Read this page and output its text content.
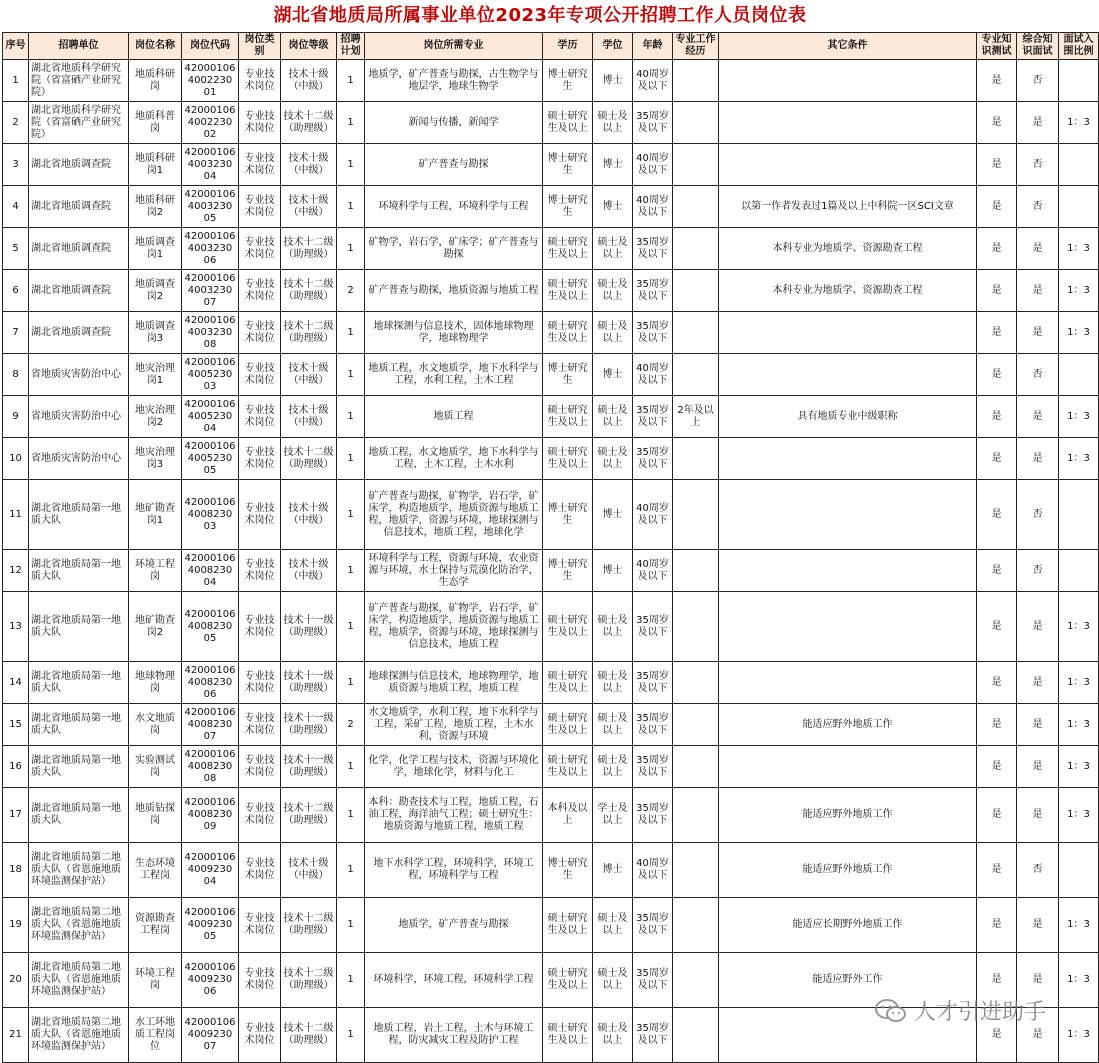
湖北省地质局所属事业单位2023年专项公开招聘工作人员岗位表
序号	招聘单位	岗位名称	岗位代码	岗位类别	岗位等级	招聘计划	岗位所需专业	学历	学位	年龄	专业工作经历	其它条件	专业知识测试	综合知识面试	面试入围比例
1	湖北省地质科学研究院（省富硒产业研究院）	地质科研岗	420001064002230 01	专业技术岗位	技术十级（中级）	1	地质学，矿产普查与勘探，古生物学与地层学，地球生物学	博士研究生	博士	40周岁及以下			是	否	
2	湖北省地质科学研究院（省富硒产业研究院）	地质科普岗	420001064002230 02	专业技术岗位	技术十二级（助理级）	1	新闻与传播，新闻学	硕士研究生及以上	硕士及以上	35周岁及以下			是	是	1：3
3	湖北省地质调查院	地质科研岗1	420001064003230 04	专业技术岗位	技术十级（中级）	1	矿产普查与勘探	博士研究生	博士	40周岁及以下			是	否	
4	湖北省地质调查院	地质科研岗2	420001064003230 05	专业技术岗位	技术十级（中级）	1	环境科学与工程，环境科学与工程	博士研究生	博士	40周岁及以下		以第一作者发表过1篇及以上中科院一区SCI文章	是	否	
5	湖北省地质调查院	地质调查岗1	420001064003230 06	专业技术岗位	技术十二级（助理级）	1	矿物学，岩石学，矿床学；矿产普查与勘探	硕士研究生及以上	硕士及以上	35周岁及以下		本科专业为地质学、资源勘查工程	是	是	1：3
6	湖北省地质调查院	地质调查岗2	420001064003230 07	专业技术岗位	技术十二级（助理级）	2	矿产普查与勘探，地质资源与地质工程	硕士研究生及以上	硕士及以上	35周岁及以下		本科专业为地质学、资源勘查工程	是	是	1：3
7	湖北省地质调查院	地质调查岗3	420001064003230 08	专业技术岗位	技术十二级（助理级）	1	地球探测与信息技术，固体地球物理学，地球物理学	硕士研究生及以上	硕士及以上	35周岁及以下			是	是	1：3
8	省地质灾害防治中心	地灾治理岗1	420001064005230 03	专业技术岗位	技术十级（中级）	1	地质工程，水文地质学，地下水科学与工程，水利工程，土木工程	博士研究生	博士	40周岁及以下			是	否	
9	省地质灾害防治中心	地灾治理岗2	420001064005230 04	专业技术岗位	技术十级（中级）	1	地质工程	硕士研究生及以上	硕士及以上	35周岁及以下	2年及以上	具有地质专业中级职称	是	是	1：3
10	省地质灾害防治中心	地灾治理岗3	420001064005230 05	专业技术岗位	技术十二级（助理级）	1	地质工程，水文地质学，地下水科学与工程，土木工程，土木水利	硕士研究生及以上	硕士及以上	35周岁及以下			是	是	1：3
11	湖北省地质局第一地质大队	地矿勘查岗1	420001064008230 03	专业技术岗位	技术十级（中级）	1	矿产普查与勘探，矿物学，岩石学，矿床学，构造地质学，地质资源与地质工程，地质学，资源与环境，地球探测与信息技术，地质工程，地球化学	博士研究生	博士	40周岁及以下			是	否	
12	湖北省地质局第一地质大队	环境工程岗	420001064008230 04	专业技术岗位	技术十级（中级）	1	环境科学与工程，资源与环境，农业资源与环境，水土保持与荒漠化防治学，生态学	博士研究生	博士	40周岁及以下			是	否	
13	湖北省地质局第一地质大队	地矿勘查岗2	420001064008230 05	专业技术岗位	技术十一级（助理级）	1	矿产普查与勘探，矿物学，岩石学，矿床学，构造地质学，地质资源与地质工程，地质学，资源与环境，地球探测与信息技术，地质工程	硕士研究生及以上	硕士及以上	35周岁及以下			是	是	1：3
14	湖北省地质局第一地质大队	地球物理岗	420001064008230 06	专业技术岗位	技术十一级（助理级）	1	地球探测与信息技术，地球物理学，地质资源与地质工程，地质工程	硕士研究生及以上	硕士及以上	35周岁及以下			是	是	1：3
15	湖北省地质局第一地质大队	水文地质岗	420001064008230 07	专业技术岗位	技术十一级（助理级）	2	水文地质学，水利工程，地下水科学与工程，采矿工程，地质工程，土木水利，资源与环境	硕士研究生及以上	硕士及以上	35周岁及以下		能适应野外地质工作	是	是	1：3
16	湖北省地质局第一地质大队	实验测试岗	420001064008230 08	专业技术岗位	技术十一级（助理级）	1	化学，化学工程与技术，资源与环境化学，地球化学，材料与化工	硕士研究生及以上	硕士及以上	35周岁及以下			是	是	1：3
17	湖北省地质局第一地质大队	地质钻探岗	420001064008230 09	专业技术岗位	技术十二级（助理级）	1	本科：勘查技术与工程，地质工程，石油工程，海洋油气工程；硕士研究生：地质资源与地质工程，地质工程	本科及以上	学士及以上	35周岁及以下		能适应野外地质工作	是	是	1：3
18	湖北省地质局第二地质大队（省恩施地质环境监测保护站）	生态环境工程岗	420001064009230 04	专业技术岗位	技术十级（中级）	1	地下水科学工程，环境科学，环境工程，环境科学与工程	博士研究生	博士	40周岁及以下		能适应野外地质工作	是	否	
19	湖北省地质局第二地质大队（省恩施地质环境监测保护站）	资源勘查工程岗	420001064009230 05	专业技术岗位	技术十二级（助理级）	1	地质学，矿产普查与勘探	硕士研究生及以上	硕士及以上	35周岁及以下		能适应长期野外地质工作	是	是	1：3
20	湖北省地质局第二地质大队（省恩施地质环境监测保护站）	环境工程岗	420001064009230 06	专业技术岗位	技术十二级（助理级）	1	环境科学，环境工程，环境科学工程	硕士研究生及以上	硕士及以上	35周岁及以下		能适应野外工作	是	是	1：3
21	湖北省地质局第二地质大队（省恩施地质环境监测保护站）	水工环地质工程岗位	420001064009230 07	专业技术岗位	技术十二级（助理级）	1	地质工程，岩土工程，土木与环境工程，防灾减灾工程及防护工程	硕士研究生及以上	硕士及以上	35周岁及以下			是	是	1：3
人才引进助手
